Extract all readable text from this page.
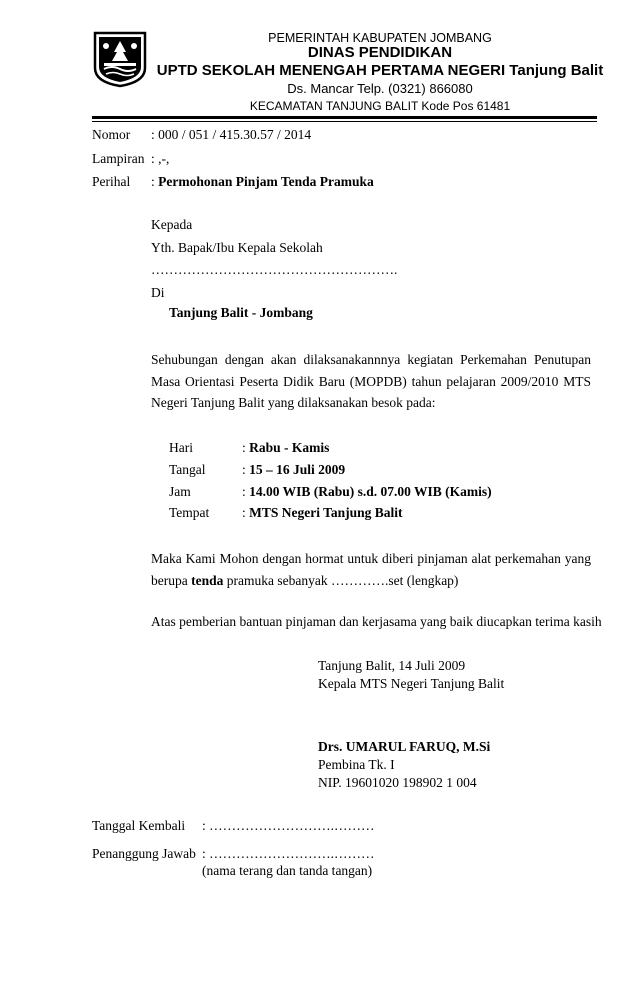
PEMERINTAH KABUPATEN JOMBANG
DINAS PENDIDIKAN
UPTD SEKOLAH MENENGAH PERTAMA NEGERI Tanjung Balit
Ds. Mancar Telp. (0321) 866080
KECAMATAN TANJUNG BALIT Kode Pos 61481
Nomor : 000 / 051 / 415.30.57 / 2014
Lampiran : ,-,
Perihal : Permohonan Pinjam Tenda Pramuka
Kepada
Yth. Bapak/Ibu Kepala Sekolah
……………………………………………….
Di
Tanjung Balit - Jombang
Sehubungan dengan akan dilaksanakannnya kegiatan Perkemahan Penutupan Masa Orientasi Peserta Didik Baru (MOPDB) tahun pelajaran 2009/2010 MTS Negeri Tanjung Balit yang dilaksanakan besok pada:
Hari	: Rabu - Kamis
Tangal	: 15 – 16 Juli 2009
Jam	: 14.00 WIB (Rabu) s.d. 07.00 WIB (Kamis)
Tempat : MTS Negeri Tanjung Balit
Maka Kami Mohon dengan hormat untuk diberi pinjaman alat perkemahan yang berupa tenda pramuka sebanyak ………….set (lengkap)
Atas pemberian bantuan pinjaman dan kerjasama yang baik diucapkan terima kasih
Tanjung Balit, 14 Juli 2009
Kepala MTS Negeri Tanjung Balit
Drs. UMARUL FARUQ, M.Si
Pembina Tk. I
NIP. 19601020 198902 1 004
Tanggal Kembali : ……………………….………
Penanggung Jawab : ……………………….………
(nama terang dan tanda tangan)
